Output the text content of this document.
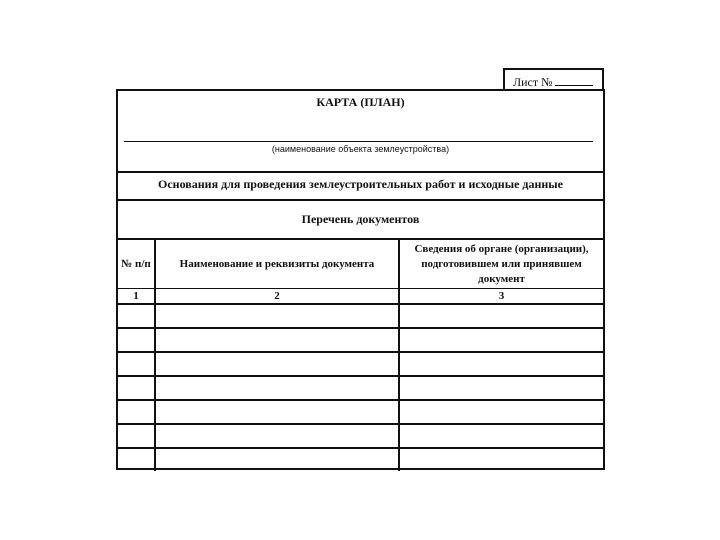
Лист №
КАРТА (ПЛАН)
(наименование объекта землеустройства)
Основания для проведения землеустроительных работ и исходные данные
Перечень документов
№ п/п	Наименование и реквизиты документа	Сведения об органе (организации), подготовившем или принявшем документ
1	2	3
